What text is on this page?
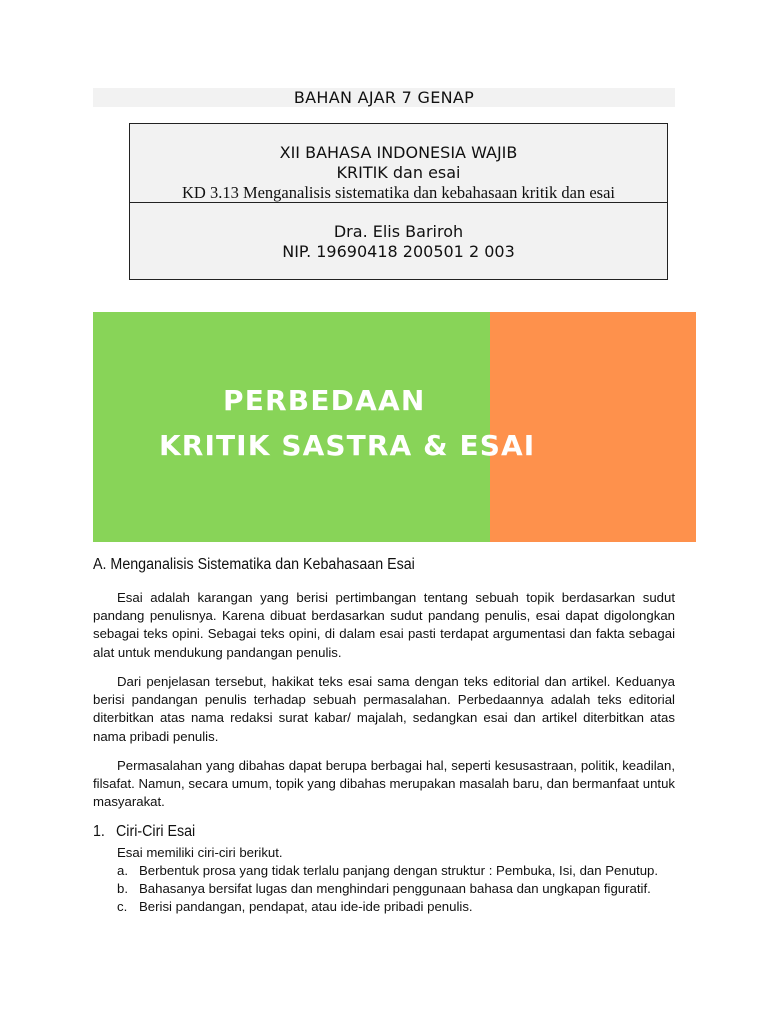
BAHAN AJAR 7 GENAP
XII BAHASA INDONESIA WAJIB
KRITIK dan esai
KD 3.13 Menganalisis sistematika dan kebahasaan kritik dan esai
Dra. Elis Bariroh
NIP. 19690418 200501 2 003
PERBEDAAN
KRITIK SASTRA & ESAI
A. Menganalisis Sistematika dan Kebahasaan Esai

Esai adalah karangan yang berisi pertimbangan tentang sebuah topik berdasarkan sudut pandang penulisnya. Karena dibuat berdasarkan sudut pandang penulis, esai dapat digolongkan sebagai teks opini. Sebagai teks opini, di dalam esai pasti terdapat argumentasi dan fakta sebagai alat untuk mendukung pandangan penulis.

Dari penjelasan tersebut, hakikat teks esai sama dengan teks editorial dan artikel. Keduanya berisi pandangan penulis terhadap sebuah permasalahan. Perbedaannya adalah teks editorial diterbitkan atas nama redaksi surat kabar/ majalah, sedangkan esai dan artikel diterbitkan atas nama pribadi penulis.

Permasalahan yang dibahas dapat berupa berbagai hal, seperti kesusastraan, politik, keadilan, filsafat. Namun, secara umum, topik yang dibahas merupakan masalah baru, dan bermanfaat untuk masyarakat.

1. Ciri-Ciri Esai
Esai memiliki ciri-ciri berikut.
a. Berbentuk prosa yang tidak terlalu panjang dengan struktur : Pembuka, Isi, dan Penutup.
b. Bahasanya bersifat lugas dan menghindari penggunaan bahasa dan ungkapan figuratif.
c. Berisi pandangan, pendapat, atau ide-ide pribadi penulis.
